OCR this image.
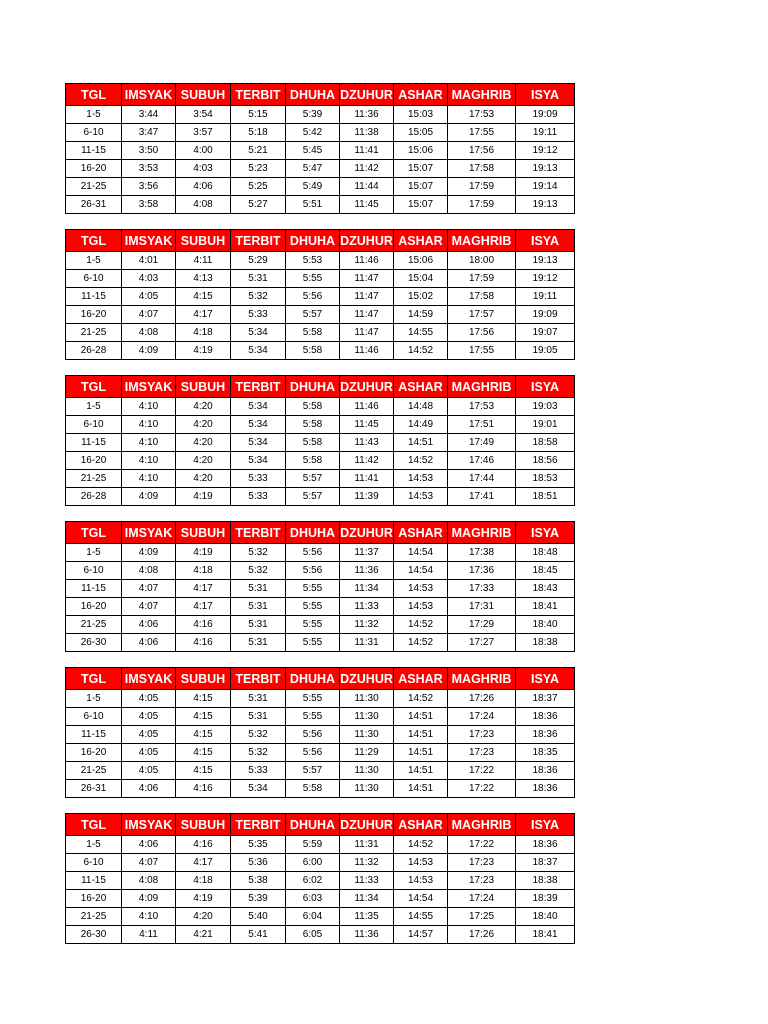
TGL	IMSYAK	SUBUH	TERBIT	DHUHA	DZUHUR	ASHAR	MAGHRIB	ISYA
1-5	3:44	3:54	5:15	5:39	11:36	15:03	17:53	19:09
6-10	3:47	3:57	5:18	5:42	11:38	15:05	17:55	19:11
11-15	3:50	4:00	5:21	5:45	11:41	15:06	17:56	19:12
16-20	3:53	4:03	5:23	5:47	11:42	15:07	17:58	19:13
21-25	3:56	4:06	5:25	5:49	11:44	15:07	17:59	19:14
26-31	3:58	4:08	5:27	5:51	11:45	15:07	17:59	19:13
TGL	IMSYAK	SUBUH	TERBIT	DHUHA	DZUHUR	ASHAR	MAGHRIB	ISYA
1-5	4:01	4:11	5:29	5:53	11:46	15:06	18:00	19:13
6-10	4:03	4:13	5:31	5:55	11:47	15:04	17:59	19:12
11-15	4:05	4:15	5:32	5:56	11:47	15:02	17:58	19:11
16-20	4:07	4:17	5:33	5:57	11:47	14:59	17:57	19:09
21-25	4:08	4:18	5:34	5:58	11:47	14:55	17:56	19:07
26-28	4:09	4:19	5:34	5:58	11:46	14:52	17:55	19:05
TGL	IMSYAK	SUBUH	TERBIT	DHUHA	DZUHUR	ASHAR	MAGHRIB	ISYA
1-5	4:10	4:20	5:34	5:58	11:46	14:48	17:53	19:03
6-10	4:10	4:20	5:34	5:58	11:45	14:49	17:51	19:01
11-15	4:10	4:20	5:34	5:58	11:43	14:51	17:49	18:58
16-20	4:10	4:20	5:34	5:58	11:42	14:52	17:46	18:56
21-25	4:10	4:20	5:33	5:57	11:41	14:53	17:44	18:53
26-28	4:09	4:19	5:33	5:57	11:39	14:53	17:41	18:51
TGL	IMSYAK	SUBUH	TERBIT	DHUHA	DZUHUR	ASHAR	MAGHRIB	ISYA
1-5	4:09	4:19	5:32	5:56	11:37	14:54	17:38	18:48
6-10	4:08	4:18	5:32	5:56	11:36	14:54	17:36	18:45
11-15	4:07	4:17	5:31	5:55	11:34	14:53	17:33	18:43
16-20	4:07	4:17	5:31	5:55	11:33	14:53	17:31	18:41
21-25	4:06	4:16	5:31	5:55	11:32	14:52	17:29	18:40
26-30	4:06	4:16	5:31	5:55	11:31	14:52	17:27	18:38
TGL	IMSYAK	SUBUH	TERBIT	DHUHA	DZUHUR	ASHAR	MAGHRIB	ISYA
1-5	4:05	4:15	5:31	5:55	11:30	14:52	17:26	18:37
6-10	4:05	4:15	5:31	5:55	11:30	14:51	17:24	18:36
11-15	4:05	4:15	5:32	5:56	11:30	14:51	17:23	18:36
16-20	4:05	4:15	5:32	5:56	11:29	14:51	17:23	18:35
21-25	4:05	4:15	5:33	5:57	11:30	14:51	17:22	18:36
26-31	4:06	4:16	5:34	5:58	11:30	14:51	17:22	18:36
TGL	IMSYAK	SUBUH	TERBIT	DHUHA	DZUHUR	ASHAR	MAGHRIB	ISYA
1-5	4:06	4:16	5:35	5:59	11:31	14:52	17:22	18:36
6-10	4:07	4:17	5:36	6:00	11:32	14:53	17:23	18:37
11-15	4:08	4:18	5:38	6:02	11:33	14:53	17:23	18:38
16-20	4:09	4:19	5:39	6:03	11:34	14:54	17:24	18:39
21-25	4:10	4:20	5:40	6:04	11:35	14:55	17:25	18:40
26-30	4:11	4:21	5:41	6:05	11:36	14:57	17:26	18:41
